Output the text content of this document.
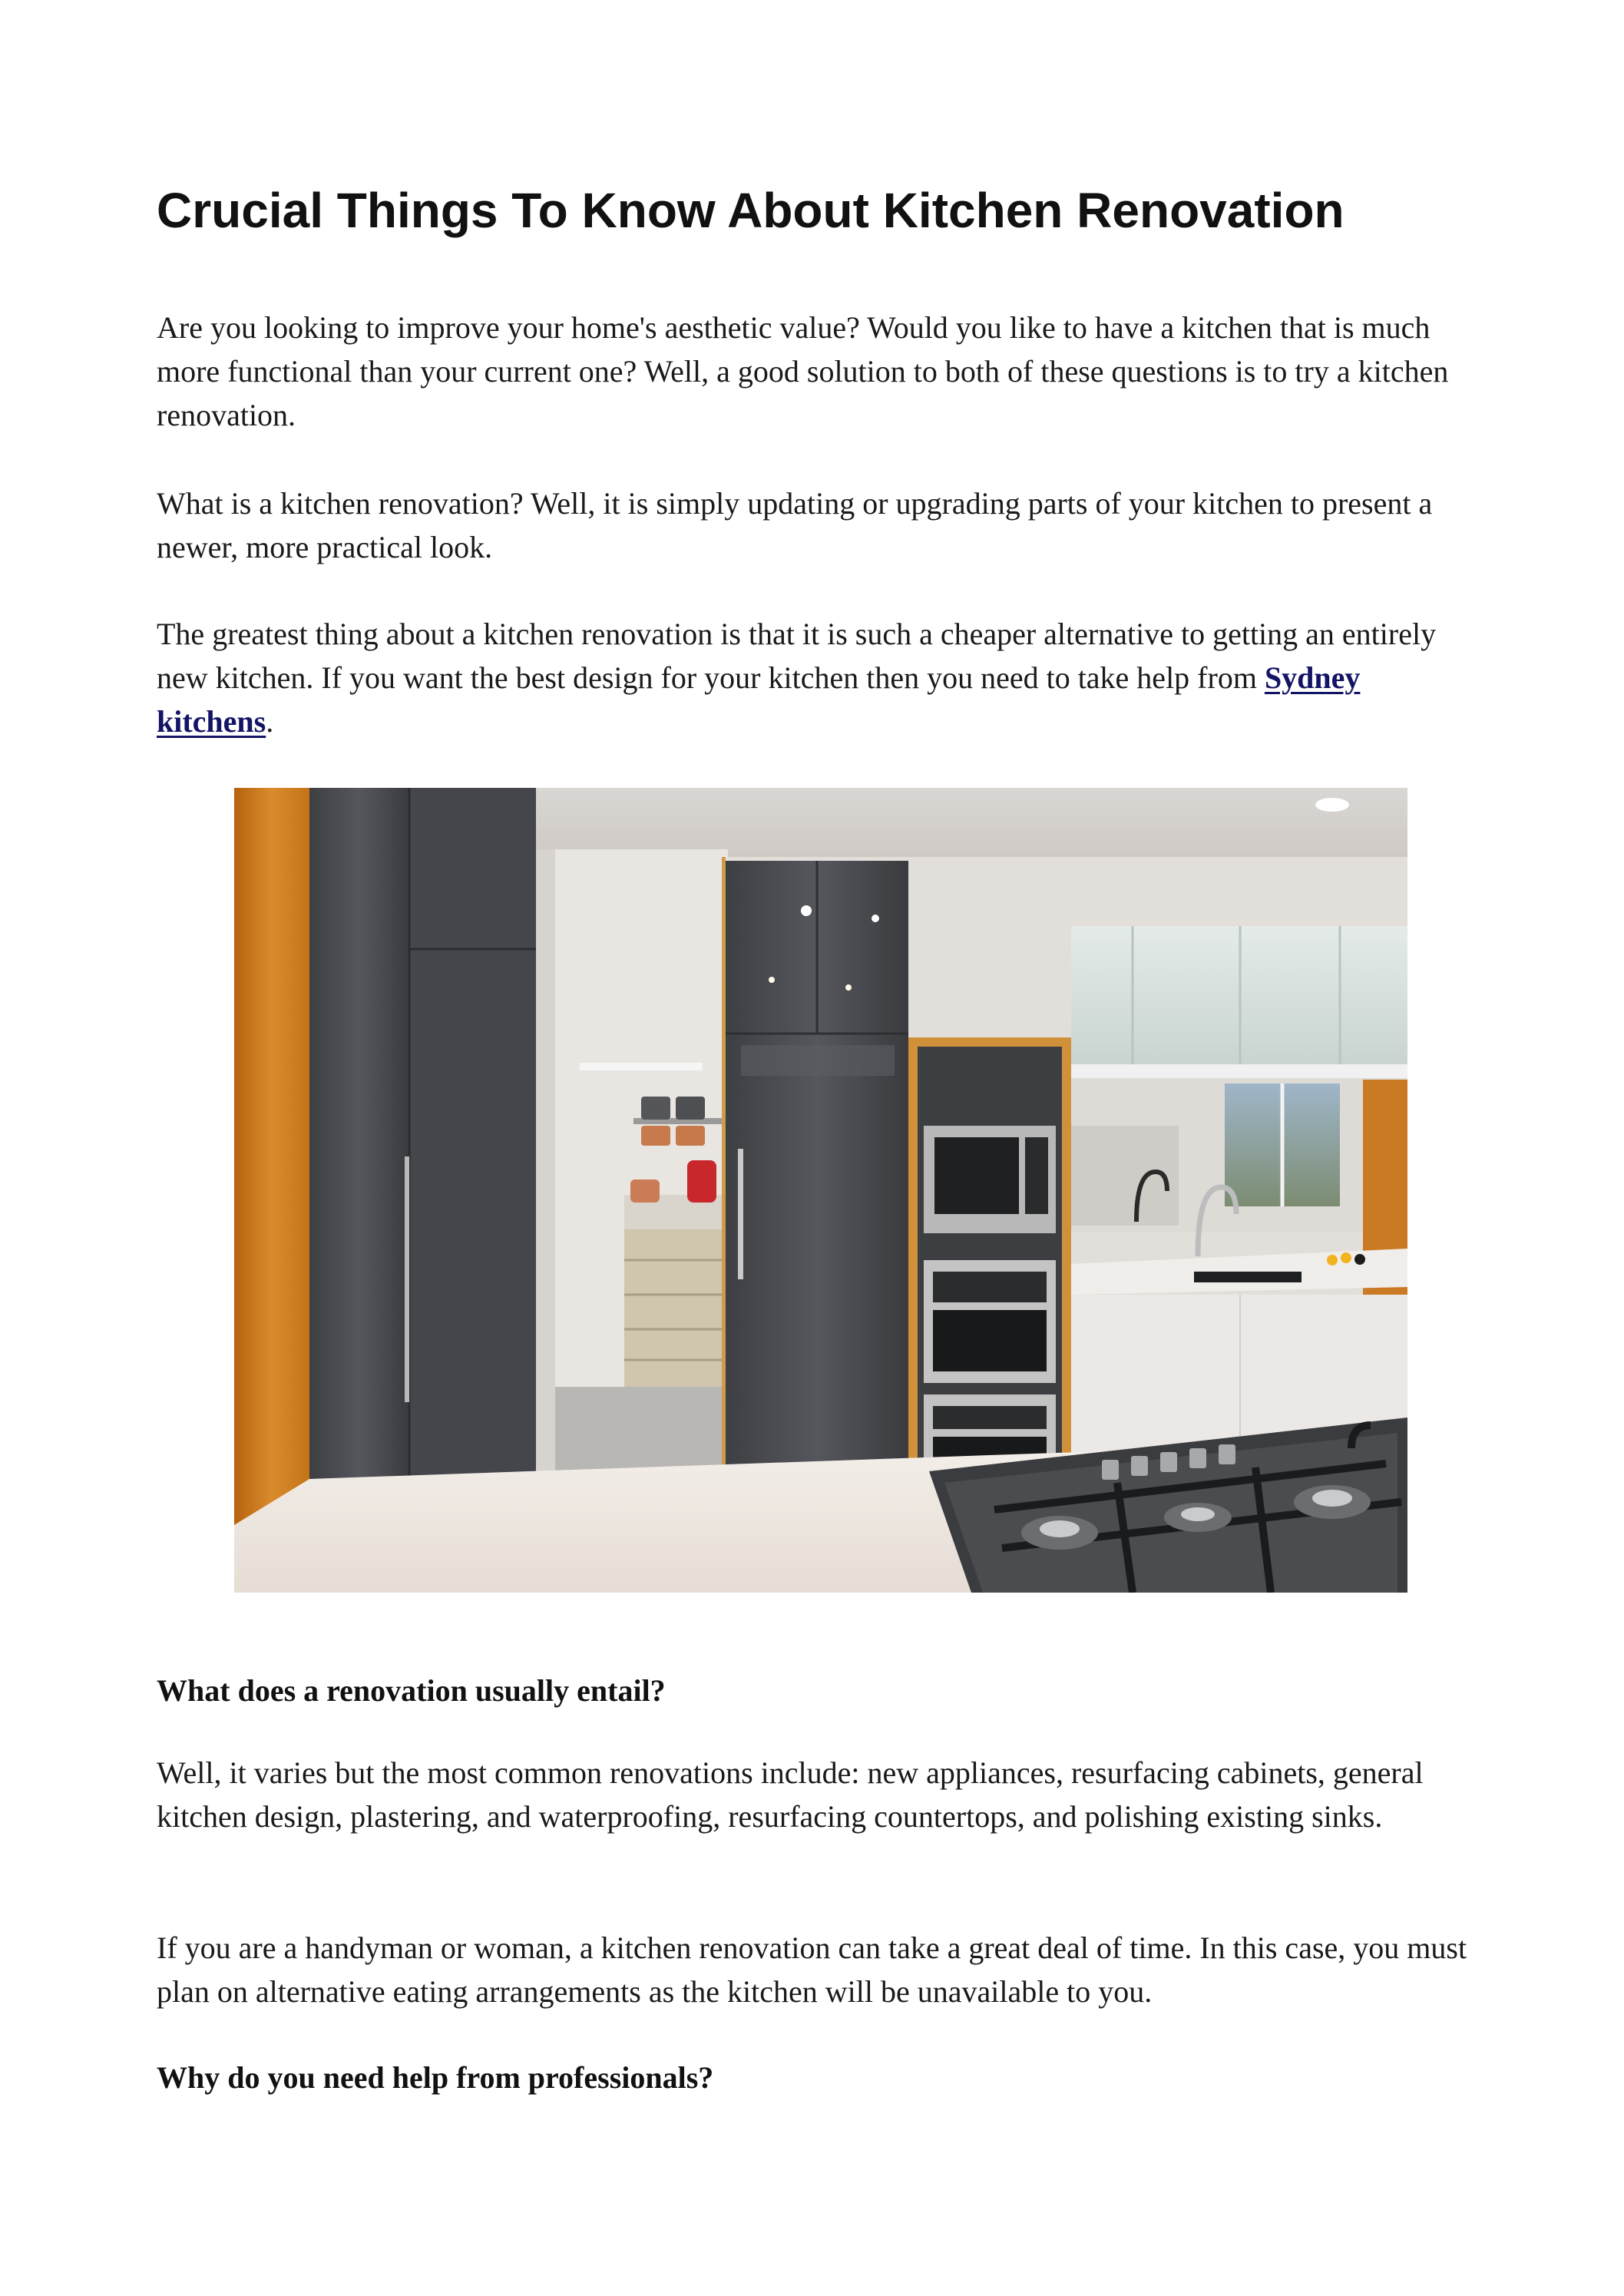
Crucial Things To Know About Kitchen Renovation

Are you looking to improve your home's aesthetic value? Would you like to have a kitchen that is much more functional than your current one? Well, a good solution to both of these questions is to try a kitchen renovation.

What is a kitchen renovation? Well, it is simply updating or upgrading parts of your kitchen to present a newer, more practical look.

The greatest thing about a kitchen renovation is that it is such a cheaper alternative to getting an entirely new kitchen. If you want the best design for your kitchen then you need to take help from Sydney kitchens.

What does a renovation usually entail?

Well, it varies but the most common renovations include: new appliances, resurfacing cabinets, general kitchen design, plastering, and waterproofing, resurfacing countertops, and polishing existing sinks.

If you are a handyman or woman, a kitchen renovation can take a great deal of time. In this case, you must plan on alternative eating arrangements as the kitchen will be unavailable to you.

Why do you need help from professionals?
